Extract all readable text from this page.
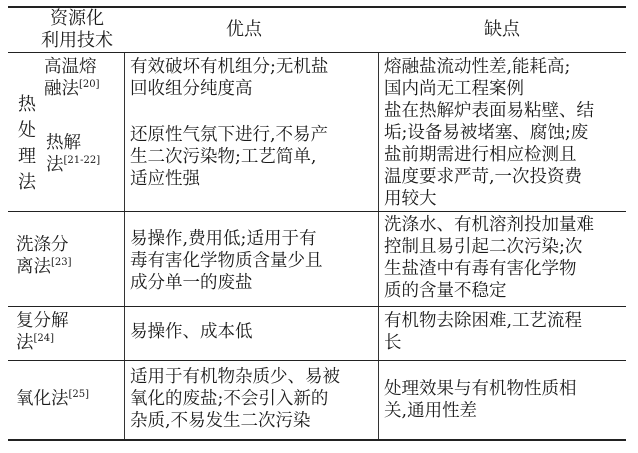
资源化
利用技术
优点	缺点
热
处
理
法
高温熔
融法[20]
有效破坏有机组分;无机盐
回收组分纯度高
熔融盐流动性差,能耗高;
国内尚无工程案例
热解
法[21-22]
还原性气氛下进行,不易产
生二次污染物;工艺简单,
适应性强
盐在热解炉表面易粘壁、结
垢;设备易被堵塞、腐蚀;废
盐前期需进行相应检测且
温度要求严苛,一次投资费
用较大
洗涤分
离法[23]
易操作,费用低;适用于有
毒有害化学物质含量少且
成分单一的废盐
洗涤水、有机溶剂投加量难
控制且易引起二次污染;次
生盐渣中有毒有害化学物
质的含量不稳定
复分解
法[24]	易操作、成本低
有机物去除困难,工艺流程
长
氧化法[25]
适用于有机物杂质少、易被
氧化的废盐;不会引入新的
杂质,不易发生二次污染
处理效果与有机物性质相
关,通用性差
